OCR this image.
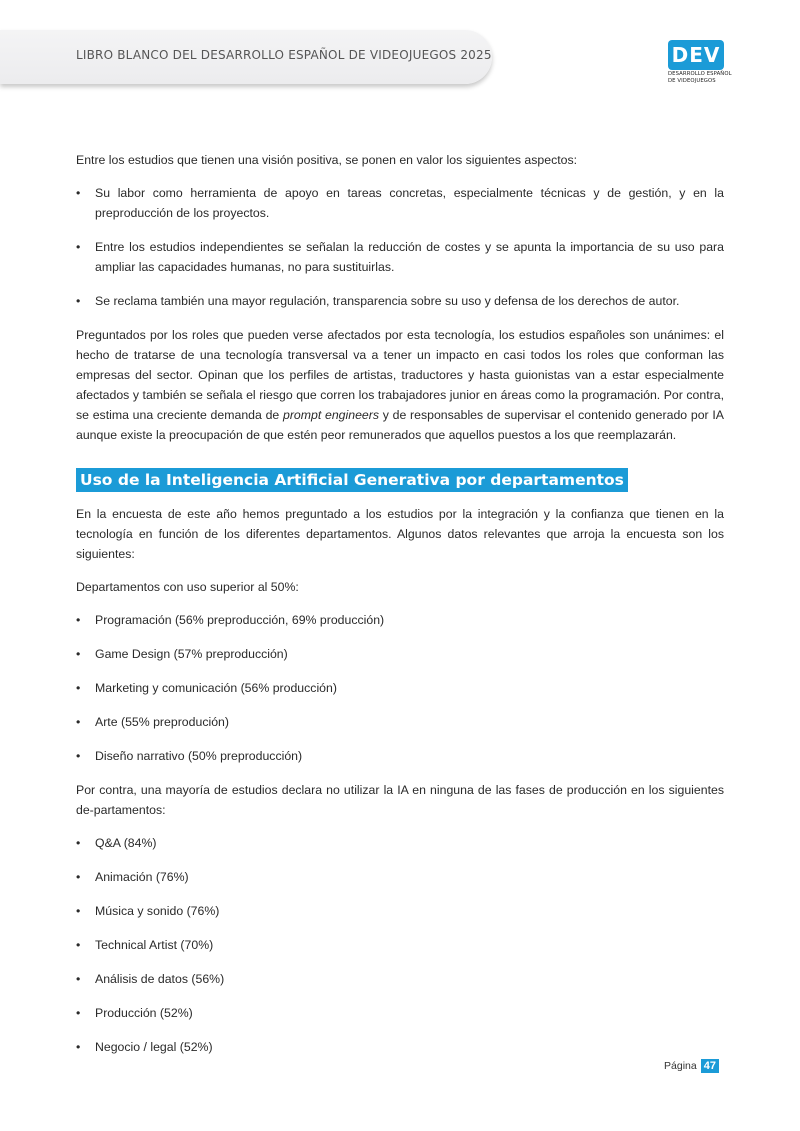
LIBRO BLANCO DEL DESARROLLO ESPAÑOL DE VIDEOJUEGOS 2025	DEV
DESARROLLO ESPAÑOL
DE VIDEOJUEGOS

Entre los estudios que tienen una visión positiva, se ponen en valor los siguientes aspectos:

• Su labor como herramienta de apoyo en tareas concretas, especialmente técnicas y de gestión, y en la preproducción de los proyectos.
• Entre los estudios independientes se señalan la reducción de costes y se apunta la importancia de su uso para ampliar las capacidades humanas, no para sustituirlas.
• Se reclama también una mayor regulación, transparencia sobre su uso y defensa de los derechos de autor.

Preguntados por los roles que pueden verse afectados por esta tecnología, los estudios españoles son unánimes: el hecho de tratarse de una tecnología transversal va a tener un impacto en casi todos los roles que conforman las empresas del sector. Opinan que los perfiles de artistas, traductores y hasta guionistas van a estar especialmente afectados y también se señala el riesgo que corren los trabajadores junior en áreas como la programación. Por contra, se estima una creciente demanda de prompt engineers y de responsables de supervisar el contenido generado por IA aunque existe la preocupación de que estén peor remunerados que aquellos puestos a los que reemplazarán.

Uso de la Inteligencia Artificial Generativa por departamentos

En la encuesta de este año hemos preguntado a los estudios por la integración y la confianza que tienen en la tecnología en función de los diferentes departamentos. Algunos datos relevantes que arroja la encuesta son los siguientes:

Departamentos con uso superior al 50%:

• Programación (56% preproducción, 69% producción)
• Game Design (57% preproducción)
• Marketing y comunicación (56% producción)
• Arte (55% preprodución)
• Diseño narrativo (50% preproducción)

Por contra, una mayoría de estudios declara no utilizar la IA en ninguna de las fases de producción en los siguientes de-partamentos:

• Q&A (84%)
• Animación (76%)
• Música y sonido (76%)
• Technical Artist (70%)
• Análisis de datos (56%)
• Producción (52%)
• Negocio / legal (52%)
Página 47
